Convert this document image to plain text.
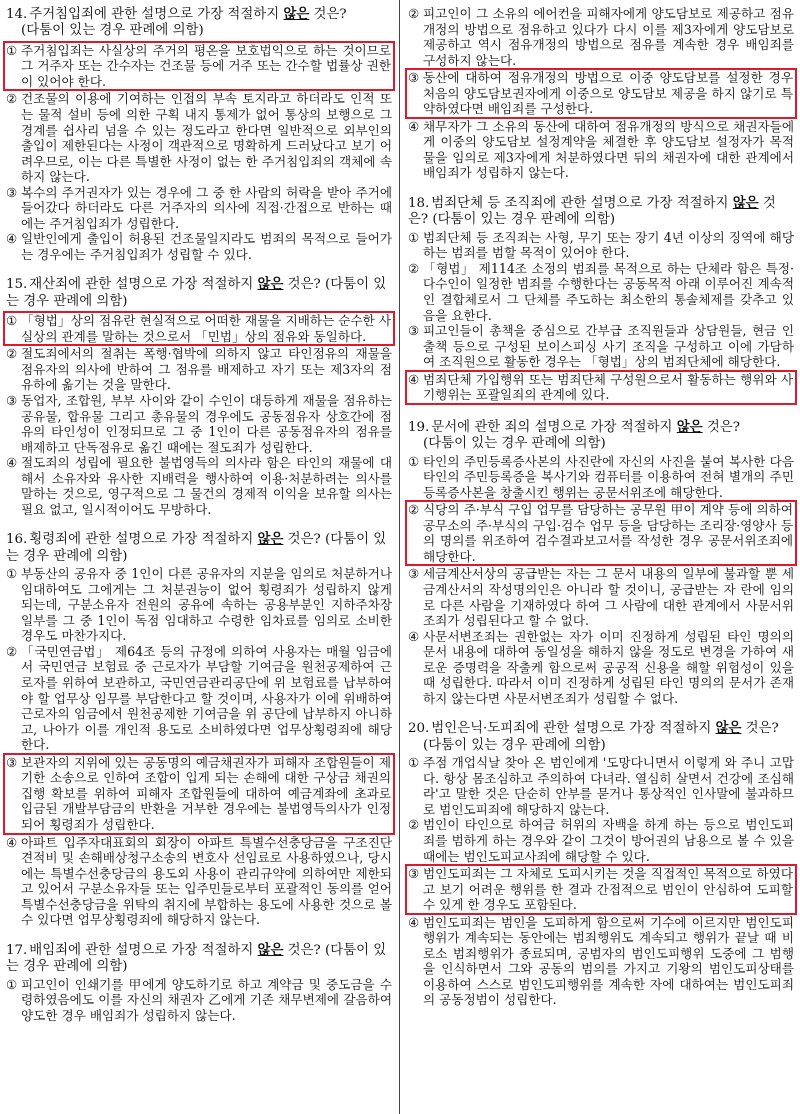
14. 주거침입죄에 관한 설명으로 가장 적절하지 않은 것은?
(다툼이 있는 경우 판례에 의함)

① 주거침입죄는 사실상의 주거의 평온을 보호법익으로 하는 것이므로 그 거주자 또는 간수자는 건조물 등에 거주 또는 간수할 법률상 권한이 있어야 한다.

② 건조물의 이용에 기여하는 인접의 부속 토지라고 하더라도 인적 또는 물적 설비 등에 의한 구획 내지 통제가 없어 통상의 보행으로 그 경계를 쉽사리 넘을 수 있는 정도라고 한다면 일반적으로 외부인의 출입이 제한된다는 사정이 객관적으로 명확하게 드러났다고 보기 어려우므로, 이는 다른 특별한 사정이 없는 한 주거침입죄의 객체에 속하지 않는다.

③ 복수의 주거권자가 있는 경우에 그 중 한 사람의 허락을 받아 주거에 들어갔다 하더라도 다른 거주자의 의사에 직접·간접으로 반하는 때에는 주거침입죄가 성립한다.

④ 일반인에게 출입이 허용된 건조물일지라도 범죄의 목적으로 들어가는 경우에는 주거침입죄가 성립할 수 있다.

15. 재산죄에 관한 설명으로 가장 적절하지 않은 것은? (다툼이 있는 경우 판례에 의함)

① 「형법」상의 점유란 현실적으로 어떠한 재물을 지배하는 순수한 사실상의 관계를 말하는 것으로서 「민법」상의 점유와 동일하다.

② 절도죄에서의 절취는 폭행·협박에 의하지 않고 타인점유의 재물을 점유자의 의사에 반하여 그 점유를 배제하고 자기 또는 제3자의 점유하에 옮기는 것을 말한다.

③ 동업자, 조합원, 부부 사이와 같이 수인이 대등하게 재물을 점유하는 공유물, 합유물 그리고 총유물의 경우에도 공동점유자 상호간에 점유의 타인성이 인정되므로 그 중 1인이 다른 공동점유자의 점유를 배제하고 단독점유로 옮긴 때에는 절도죄가 성립한다.

④ 절도죄의 성립에 필요한 불법영득의 의사라 함은 타인의 재물에 대해서 소유자와 유사한 지배력을 행사하여 이용·처분하려는 의사를 말하는 것으로, 영구적으로 그 물건의 경제적 이익을 보유할 의사는 필요 없고, 일시적이어도 무방하다.

16. 횡령죄에 관한 설명으로 가장 적절하지 않은 것은? (다툼이 있는 경우 판례에 의함)

① 부동산의 공유자 중 1인이 다른 공유자의 지분을 임의로 처분하거나 임대하여도 그에게는 그 처분권능이 없어 횡령죄가 성립하지 않게 되는데, 구분소유자 전원의 공유에 속하는 공용부분인 지하주차장 일부를 그 중 1인이 독점 임대하고 수령한 임차료를 임의로 소비한 경우도 마찬가지다.

② 「국민연금법」 제64조 등의 규정에 의하여 사용자는 매월 임금에서 국민연금 보험료 중 근로자가 부담할 기여금을 원천공제하여 근로자를 위하여 보관하고, 국민연금관리공단에 위 보험료를 납부하여야 할 업무상 임무를 부담한다고 할 것이며, 사용자가 이에 위배하여 근로자의 임금에서 원천공제한 기여금을 위 공단에 납부하지 아니하고, 나아가 이를 개인적 용도로 소비하였다면 업무상횡령죄에 해당한다.

③ 보관자의 지위에 있는 공동명의 예금채권자가 피해자 조합원들이 제기한 소송으로 인하여 조합이 입게 되는 손해에 대한 구상금 채권의 집행 확보를 위하여 피해자 조합원들에 대하여 예금계좌에 초과로 입금된 개발부담금의 반환을 거부한 경우에는 불법영득의사가 인정되어 횡령죄가 성립한다.

④ 아파트 입주자대표회의 회장이 아파트 특별수선충당금을 구조진단 견적비 및 손해배상청구소송의 변호사 선임료로 사용하였으나, 당시에는 특별수선충당금의 용도외 사용이 관리규약에 의하여만 제한되고 있어서 구분소유자들 또는 입주민들로부터 포괄적인 동의를 얻어 특별수선충당금을 위탁의 취지에 부합하는 용도에 사용한 것으로 볼 수 있다면 업무상횡령죄에 해당하지 않는다.

17. 배임죄에 관한 설명으로 가장 적절하지 않은 것은? (다툼이 있는 경우 판례에 의함)

① 피고인이 인쇄기를 甲에게 양도하기로 하고 계약금 및 중도금을 수령하였음에도 이를 자신의 채권자 乙에게 기존 채무변제에 갈음하여 양도한 경우 배임죄가 성립하지 않는다.

② 피고인이 그 소유의 에어컨을 피해자에게 양도담보로 제공하고 점유개정의 방법으로 점유하고 있다가 다시 이를 제3자에게 양도담보로 제공하고 역시 점유개정의 방법으로 점유를 계속한 경우 배임죄를 구성하지 않는다.

③ 동산에 대하여 점유개정의 방법으로 이중 양도담보를 설정한 경우 처음의 양도담보권자에게 이중으로 양도담보 제공을 하지 않기로 특약하였다면 배임죄를 구성한다.

④ 채무자가 그 소유의 동산에 대하여 점유개정의 방식으로 채권자들에게 이중의 양도담보 설정계약을 체결한 후 양도담보 설정자가 목적물을 임의로 제3자에게 처분하였다면 뒤의 채권자에 대한 관계에서 배임죄가 성립하지 않는다.

18. 범죄단체 등 조직죄에 관한 설명으로 가장 적절하지 않은 것은? (다툼이 있는 경우 판례에 의함)

① 범죄단체 등 조직죄는 사형, 무기 또는 장기 4년 이상의 징역에 해당하는 범죄를 범할 목적이 있어야 한다.

② 「형법」 제114조 소정의 범죄를 목적으로 하는 단체라 함은 특정·다수인이 일정한 범죄를 수행한다는 공동목적 아래 이루어진 계속적인 결합체로서 그 단체를 주도하는 최소한의 통솔체제를 갖추고 있음을 요한다.

③ 피고인들이 총책을 중심으로 간부급 조직원들과 상담원들, 현금 인출책 등으로 구성된 보이스피싱 사기 조직을 구성하고 이에 가담하여 조직원으로 활동한 경우는 「형법」상의 범죄단체에 해당한다.

④ 범죄단체 가입행위 또는 범죄단체 구성원으로서 활동하는 행위와 사기행위는 포괄일죄의 관계에 있다.

19. 문서에 관한 죄의 설명으로 가장 적절하지 않은 것은?
(다툼이 있는 경우 판례에 의함)

① 타인의 주민등록증사본의 사진란에 자신의 사진을 붙여 복사한 다음 타인의 주민등록증을 복사기와 컴퓨터를 이용하여 전혀 별개의 주민등록증사본을 창출시킨 행위는 공문서위조에 해당한다.

② 식당의 주·부식 구입 업무를 담당하는 공무원 甲이 계약 등에 의하여 공무소의 주·부식의 구입·검수 업무 등을 담당하는 조리장·영양사 등의 명의를 위조하여 검수결과보고서를 작성한 경우 공문서위조죄에 해당한다.

③ 세금계산서상의 공급받는 자는 그 문서 내용의 일부에 불과할 뿐 세금계산서의 작성명의인은 아니라 할 것이니, 공급받는 자 란에 임의로 다른 사람을 기재하였다 하여 그 사람에 대한 관계에서 사문서위조죄가 성립된다고 할 수 없다.

④ 사문서변조죄는 권한없는 자가 이미 진정하게 성립된 타인 명의의 문서 내용에 대하여 동일성을 해하지 않을 정도로 변경을 가하여 새로운 증명력을 작출케 함으로써 공공적 신용을 해할 위험성이 있을 때 성립한다. 따라서 이미 진정하게 성립된 타인 명의의 문서가 존재하지 않는다면 사문서변조죄가 성립할 수 없다.

20. 범인은닉·도피죄에 관한 설명으로 가장 적절하지 않은 것은?
(다툼이 있는 경우 판례에 의함)

① 주점 개업식날 찾아 온 범인에게 '도망다니면서 이렇게 와 주니 고맙다. 항상 몸조심하고 주의하여 다녀라. 열심히 살면서 건강에 조심해라'고 말한 것은 단순히 안부를 묻거나 통상적인 인사말에 불과하므로 범인도피죄에 해당하지 않는다.

② 범인이 타인으로 하여금 허위의 자백을 하게 하는 등으로 범인도피죄를 범하게 하는 경우와 같이 그것이 방어권의 남용으로 볼 수 있을 때에는 범인도피교사죄에 해당할 수 있다.

③ 범인도피죄는 그 자체로 도피시키는 것을 직접적인 목적으로 하였다고 보기 어려운 행위를 한 결과 간접적으로 범인이 안심하여 도피할 수 있게 한 경우도 포함된다.

④ 범인도피죄는 범인을 도피하게 함으로써 기수에 이르지만 범인도피행위가 계속되는 동안에는 범죄행위도 계속되고 행위가 끝날 때 비로소 범죄행위가 종료되며, 공범자의 범인도피행위 도중에 그 범행을 인식하면서 그와 공동의 범의를 가지고 기왕의 범인도피상태를 이용하여 스스로 범인도피행위를 계속한 자에 대하여는 범인도피죄의 공동정범이 성립한다.
